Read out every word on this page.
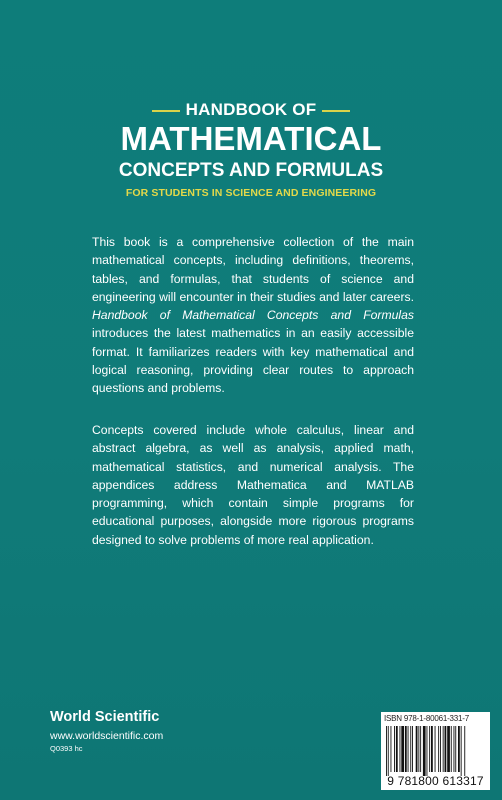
HANDBOOK OF
MATHEMATICAL
CONCEPTS AND FORMULAS
FOR STUDENTS IN SCIENCE AND ENGINEERING

This book is a comprehensive collection of the main mathematical concepts, including definitions, theorems, tables, and formulas, that students of science and engineering will encounter in their studies and later careers. Handbook of Mathematical Concepts and Formulas introduces the latest mathematics in an easily accessible format. It familiarizes readers with key mathematical and logical reasoning, providing clear routes to approach questions and problems.

Concepts covered include whole calculus, linear and abstract algebra, as well as analysis, applied math, mathematical statistics, and numerical analysis. The appendices address Mathematica and MATLAB programming, which contain simple programs for educational purposes, alongside more rigorous programs designed to solve problems of more real application.

World Scientific
www.worldscientific.com
Q0393 hc
ISBN 978-1-80061-331-7
9 781800 613317
